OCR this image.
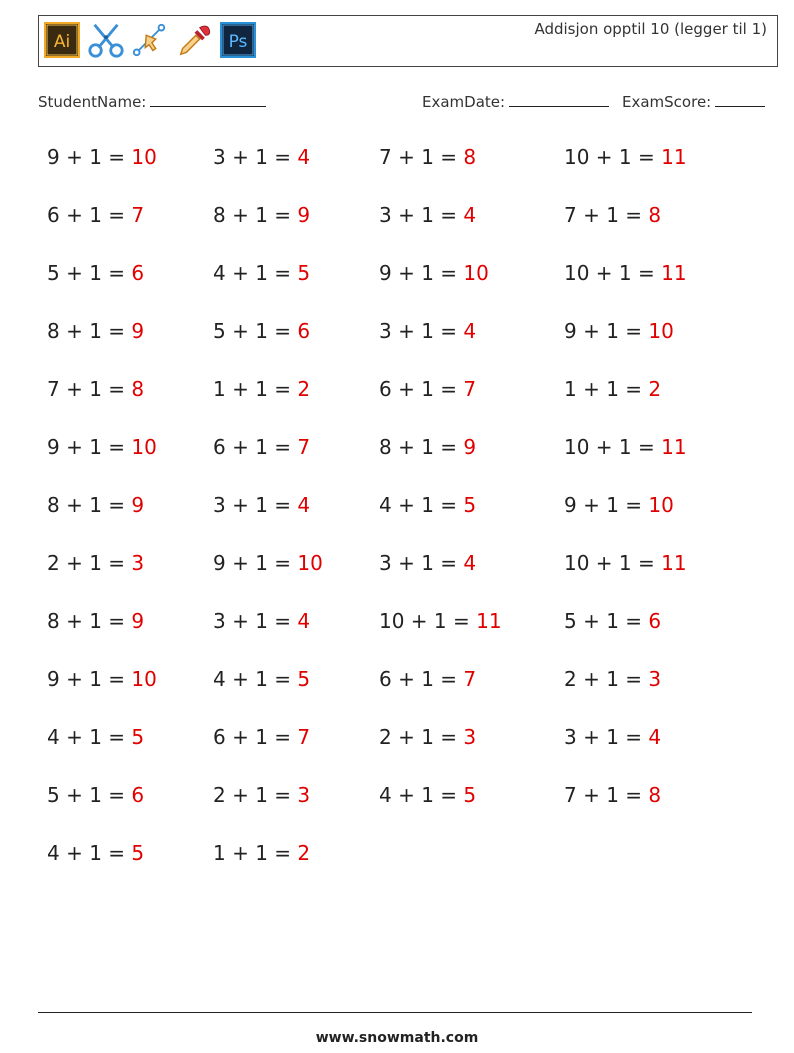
Ai	Ps
Addisjon opptil 10 (legger til 1)
StudentName:	ExamDate:	ExamScore:
9 + 1 = 10	3 + 1 = 4	7 + 1 = 8	10 + 1 = 11
6 + 1 = 7	8 + 1 = 9	3 + 1 = 4	7 + 1 = 8
5 + 1 = 6	4 + 1 = 5	9 + 1 = 10	10 + 1 = 11
8 + 1 = 9	5 + 1 = 6	3 + 1 = 4	9 + 1 = 10
7 + 1 = 8	1 + 1 = 2	6 + 1 = 7	1 + 1 = 2
9 + 1 = 10	6 + 1 = 7	8 + 1 = 9	10 + 1 = 11
8 + 1 = 9	3 + 1 = 4	4 + 1 = 5	9 + 1 = 10
2 + 1 = 3	9 + 1 = 10	3 + 1 = 4	10 + 1 = 11
8 + 1 = 9	3 + 1 = 4	10 + 1 = 11	5 + 1 = 6
9 + 1 = 10	4 + 1 = 5	6 + 1 = 7	2 + 1 = 3
4 + 1 = 5	6 + 1 = 7	2 + 1 = 3	3 + 1 = 4
5 + 1 = 6	2 + 1 = 3	4 + 1 = 5	7 + 1 = 8
4 + 1 = 5	1 + 1 = 2
www.snowmath.com
